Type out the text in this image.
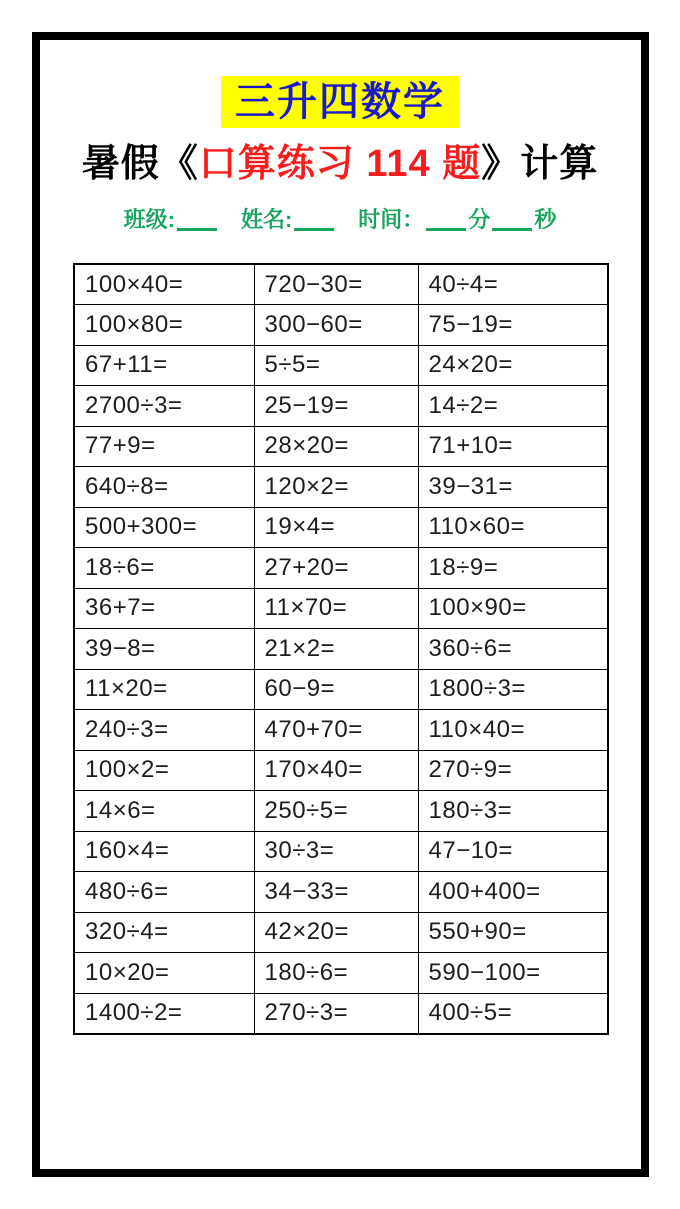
三升四数学
暑假《口算练习 114 题》计算
班级:	姓名:	时间： 分 秒
100×40=	720−30=	40÷4=
100×80=	300−60=	75−19=
67+11=	5÷5=	24×20=
2700÷3=	25−19=	14÷2=
77+9=	28×20=	71+10=
640÷8=	120×2=	39−31=
500+300=	19×4=	110×60=
18÷6=	27+20=	18÷9=
36+7=	11×70=	100×90=
39−8=	21×2=	360÷6=
11×20=	60−9=	1800÷3=
240÷3=	470+70=	110×40=
100×2=	170×40=	270÷9=
14×6=	250÷5=	180÷3=
160×4=	30÷3=	47−10=
480÷6=	34−33=	400+400=
320÷4=	42×20=	550+90=
10×20=	180÷6=	590−100=
1400÷2=	270÷3=	400÷5=
